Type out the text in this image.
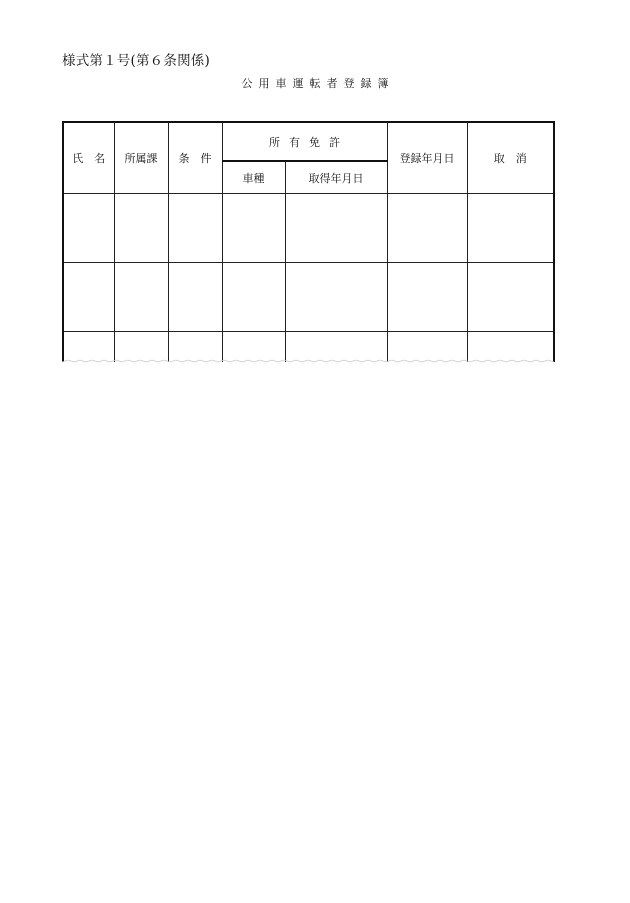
様式第１号(第６条関係)
公用車運転者登録簿
氏　名	所属課	条　件	所有免許		登録年月日	取　消
			車種	取得年月日		
